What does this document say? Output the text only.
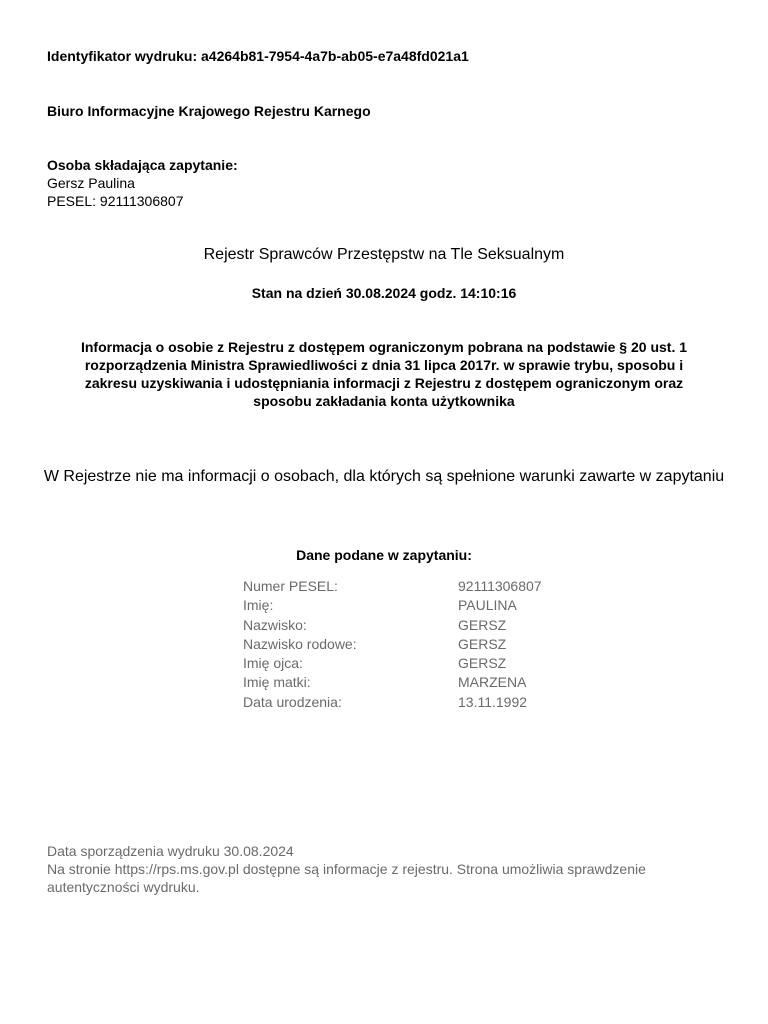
Identyfikator wydruku: a4264b81-7954-4a7b-ab05-e7a48fd021a1
Biuro Informacyjne Krajowego Rejestru Karnego
Osoba składająca zapytanie:
Gersz Paulina
PESEL: 92111306807
Rejestr Sprawców Przestępstw na Tle Seksualnym
Stan na dzień 30.08.2024 godz. 14:10:16
Informacja o osobie z Rejestru z dostępem ograniczonym pobrana na podstawie § 20 ust. 1 rozporządzenia Ministra Sprawiedliwości z dnia 31 lipca 2017r. w sprawie trybu, sposobu i zakresu uzyskiwania i udostępniania informacji z Rejestru z dostępem ograniczonym oraz sposobu zakładania konta użytkownika
W Rejestrze nie ma informacji o osobach, dla których są spełnione warunki zawarte w zapytaniu
Dane podane w zapytaniu:
Numer PESEL:	92111306807
Imię:	PAULINA
Nazwisko:	GERSZ
Nazwisko rodowe:	GERSZ
Imię ojca:	GERSZ
Imię matki:	MARZENA
Data urodzenia:	13.11.1992

Data sporządzenia wydruku 30.08.2024

Na stronie https://rps.ms.gov.pl dostępne są informacje z rejestru. Strona umożliwia sprawdzenie autentyczności wydruku.
